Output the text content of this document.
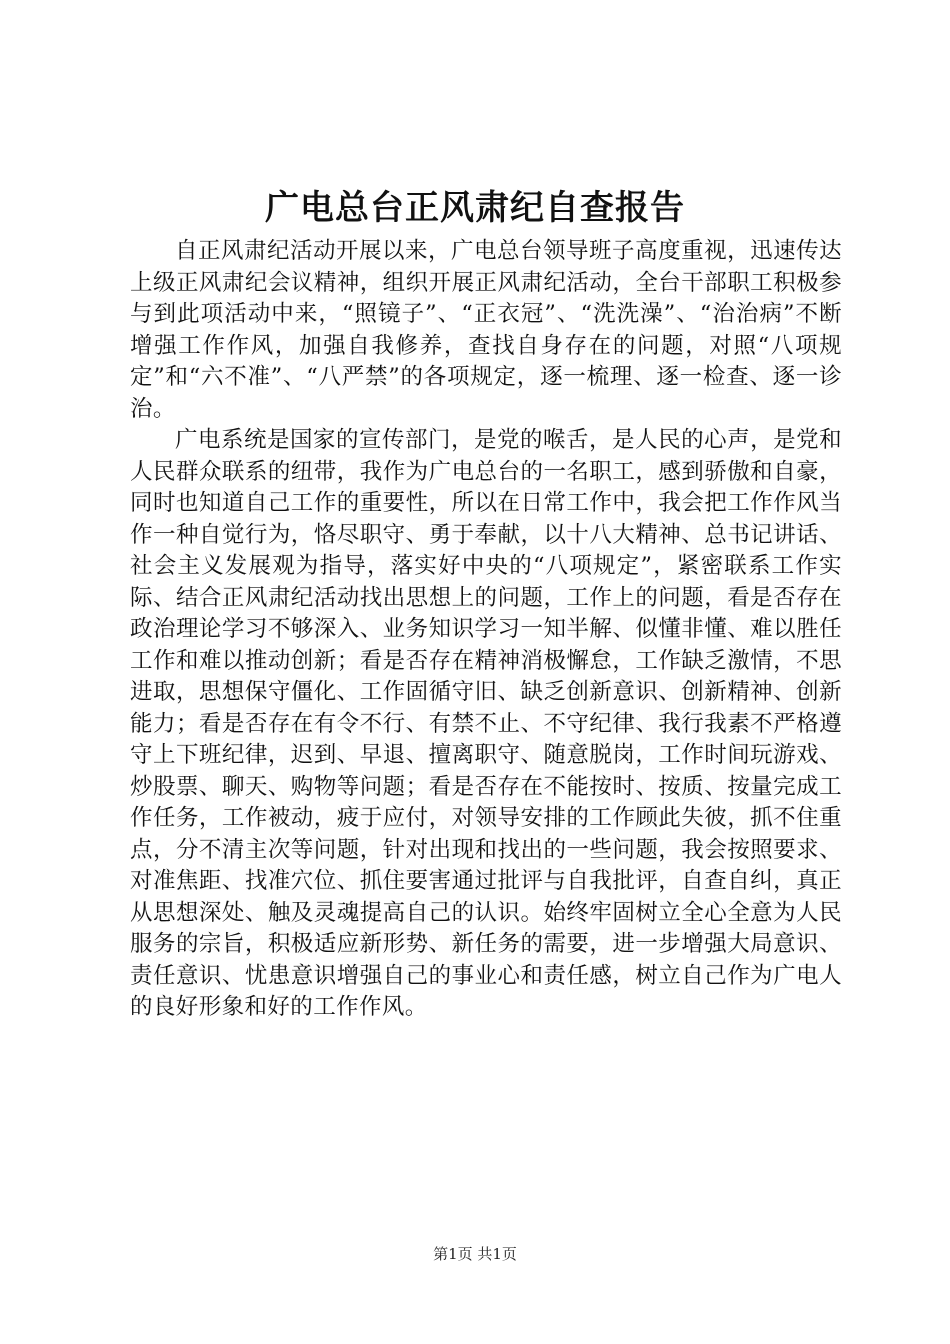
广电总台正风肃纪自查报告

自正风肃纪活动开展以来，广电总台领导班子高度重视，迅速传达上级正风肃纪会议精神，组织开展正风肃纪活动，全台干部职工积极参与到此项活动中来，“照镜子”、“正衣冠”、“洗洗澡”、“治治病”不断增强工作作风，加强自我修养，查找自身存在的问题，对照“八项规定”和“六不准”、“八严禁”的各项规定，逐一梳理、逐一检查、逐一诊治。

广电系统是国家的宣传部门，是党的喉舌，是人民的心声，是党和人民群众联系的纽带，我作为广电总台的一名职工，感到骄傲和自豪，同时也知道自己工作的重要性，所以在日常工作中，我会把工作作风当作一种自觉行为，恪尽职守、勇于奉献，以十八大精神、总书记讲话、社会主义发展观为指导，落实好中央的“八项规定”，紧密联系工作实际、结合正风肃纪活动找出思想上的问题，工作上的问题，看是否存在政治理论学习不够深入、业务知识学习一知半解、似懂非懂、难以胜任工作和难以推动创新；看是否存在精神消极懈怠，工作缺乏激情，不思进取，思想保守僵化、工作固循守旧、缺乏创新意识、创新精神、创新能力；看是否存在有令不行、有禁不止、不守纪律、我行我素不严格遵守上下班纪律，迟到、早退、擅离职守、随意脱岗，工作时间玩游戏、炒股票、聊天、购物等问题；看是否存在不能按时、按质、按量完成工作任务，工作被动，疲于应付，对领导安排的工作顾此失彼，抓不住重点，分不清主次等问题，针对出现和找出的一些问题，我会按照要求、对准焦距、找准穴位、抓住要害通过批评与自我批评，自查自纠，真正从思想深处、触及灵魂提高自己的认识。始终牢固树立全心全意为人民服务的宗旨，积极适应新形势、新任务的需要，进一步增强大局意识、责任意识、忧患意识增强自己的事业心和责任感，树立自己作为广电人的良好形象和好的工作作风。

第1页 共1页
